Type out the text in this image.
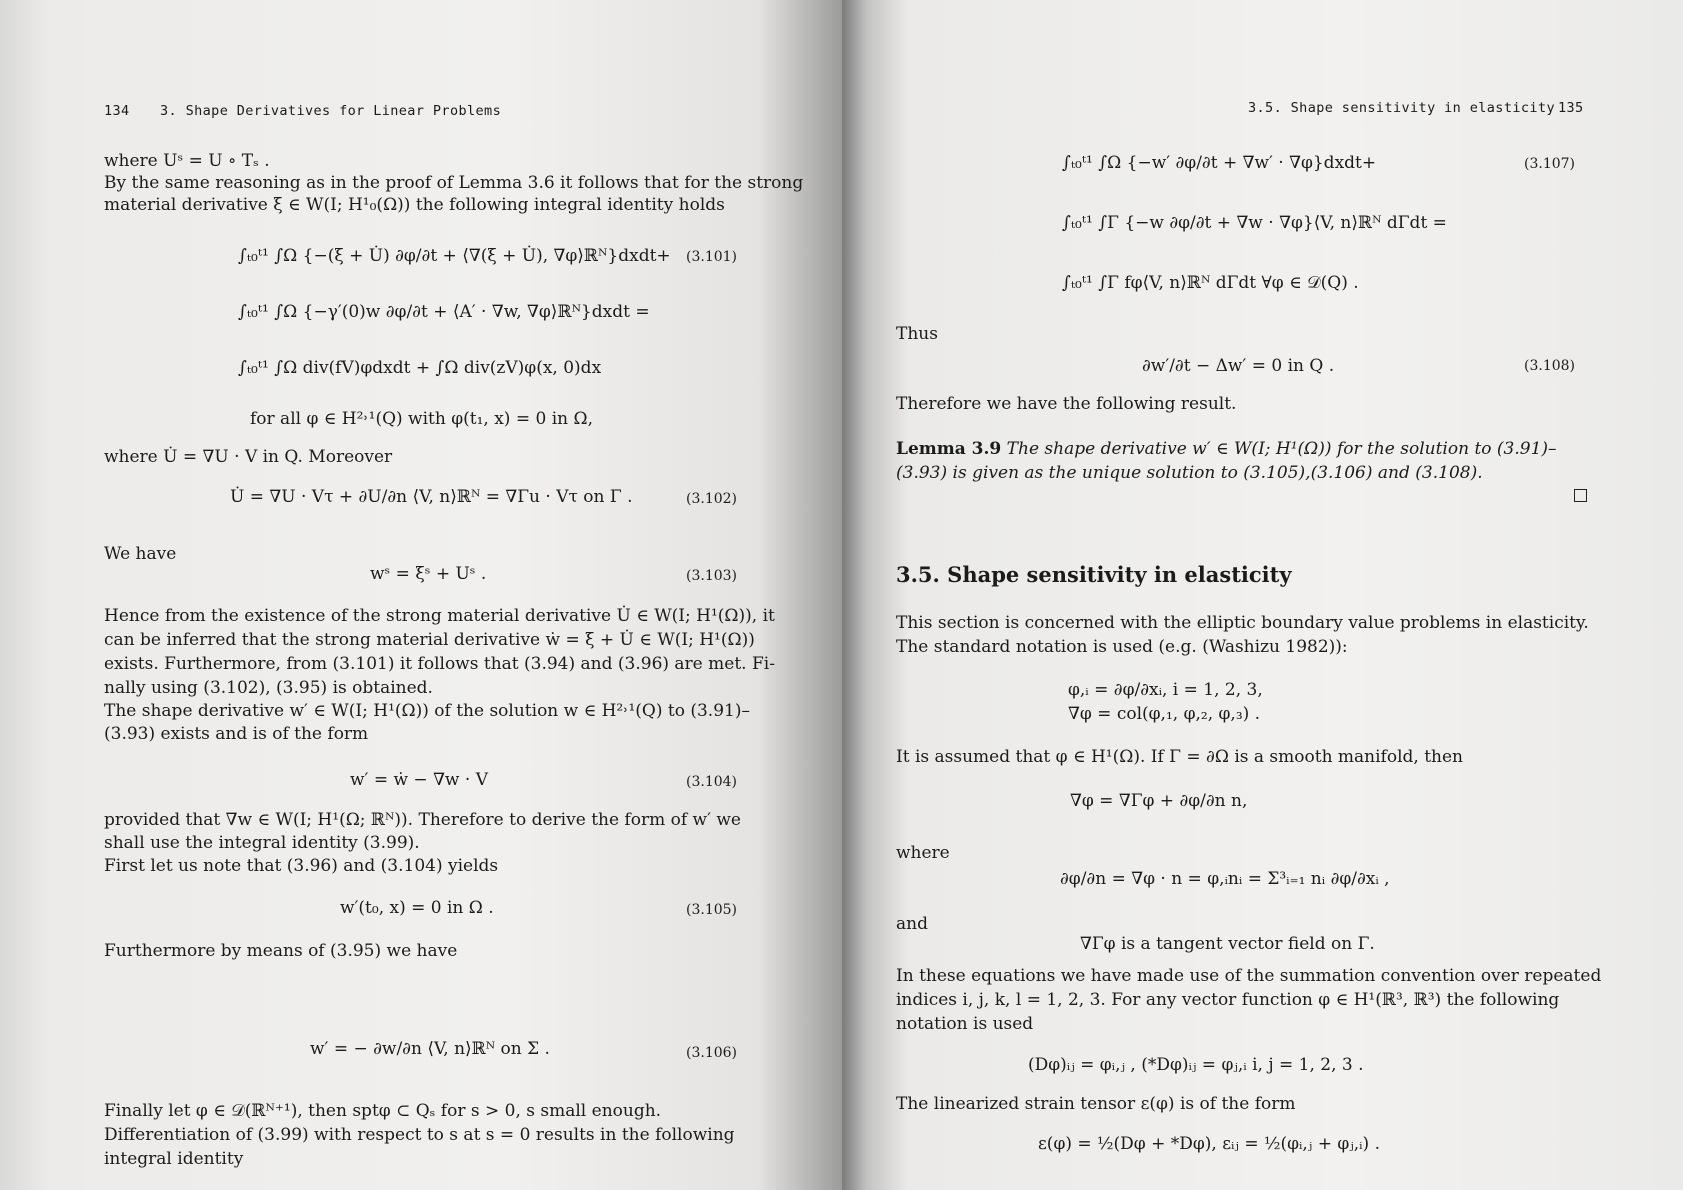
134 3. Shape Derivatives for Linear Problems
where Uˢ = U ∘ Tₛ .
By the same reasoning as in the proof of Lemma 3.6 it follows that for the strong
material derivative ξ ∈ W(I; H¹₀(Ω)) the following integral identity holds
∫ₜ₀ᵗ¹ ∫Ω {−(ξ + U̇) ∂φ/∂t + ⟨∇(ξ + U̇), ∇φ⟩ℝᴺ}dxdt+ (3.101)
∫ₜ₀ᵗ¹ ∫Ω {−γ′(0)w ∂φ/∂t + ⟨A′ · ∇w, ∇φ⟩ℝᴺ}dxdt =
∫ₜ₀ᵗ¹ ∫Ω div(fV)φdxdt + ∫Ω div(zV)φ(x, 0)dx
for all φ ∈ H²˒¹(Q) with φ(t₁, x) = 0 in Ω,
where U̇ = ∇U · V in Q. Moreover
U̇ = ∇U · Vτ + ∂U/∂n ⟨V, n⟩ℝᴺ = ∇Γu · Vτ on Γ .	(3.102)
We have
wˢ = ξˢ + Uˢ .	(3.103)
Hence from the existence of the strong material derivative U̇ ∈ W(I; H¹(Ω)), it
can be inferred that the strong material derivative ẇ = ξ + U̇ ∈ W(I; H¹(Ω))
exists. Furthermore, from (3.101) it follows that (3.94) and (3.96) are met. Fi-
nally using (3.102), (3.95) is obtained.
The shape derivative w′ ∈ W(I; H¹(Ω)) of the solution w ∈ H²˒¹(Q) to (3.91)–
(3.93) exists and is of the form
w′ = ẇ − ∇w · V	(3.104)
provided that ∇w ∈ W(I; H¹(Ω; ℝᴺ)). Therefore to derive the form of w′ we
shall use the integral identity (3.99).
First let us note that (3.96) and (3.104) yields
w′(t₀, x) = 0 in Ω .	(3.105)
Furthermore by means of (3.95) we have
w′ = − ∂w/∂n ⟨V, n⟩ℝᴺ on Σ .	(3.106)
Finally let φ ∈ 𝒟(ℝᴺ⁺¹), then sptφ ⊂ Qₛ for s > 0, s small enough.
Differentiation of (3.99) with respect to s at s = 0 results in the following
integral identity
3.5. Shape sensitivity in elasticity 135
∫ₜ₀ᵗ¹ ∫Ω {−w′ ∂φ/∂t + ∇w′ · ∇φ}dxdt+	(3.107)
∫ₜ₀ᵗ¹ ∫Γ {−w ∂φ/∂t + ∇w · ∇φ}⟨V, n⟩ℝᴺ dΓdt =
∫ₜ₀ᵗ¹ ∫Γ fφ⟨V, n⟩ℝᴺ dΓdt ∀φ ∈ 𝒟(Q) .
Thus
∂w′/∂t − Δw′ = 0 in Q .	(3.108)
Therefore we have the following result.
Lemma 3.9 The shape derivative w′ ∈ W(I; H¹(Ω)) for the solution to (3.91)–
(3.93) is given as the unique solution to (3.105),(3.106) and (3.108).
3.5. Shape sensitivity in elasticity
This section is concerned with the elliptic boundary value problems in elasticity.
The standard notation is used (e.g. (Washizu 1982)):
φ,ᵢ = ∂φ/∂xᵢ, i = 1, 2, 3,
∇φ = col(φ,₁, φ,₂, φ,₃) .
It is assumed that φ ∈ H¹(Ω). If Γ = ∂Ω is a smooth manifold, then
∇φ = ∇Γφ + ∂φ/∂n n,
where
∂φ/∂n = ∇φ · n = φ,ᵢnᵢ = Σ³ᵢ₌₁ nᵢ ∂φ/∂xᵢ ,
and
∇Γφ is a tangent vector field on Γ.
In these equations we have made use of the summation convention over repeated
indices i, j, k, l = 1, 2, 3. For any vector function φ ∈ H¹(ℝ³, ℝ³) the following
notation is used
(Dφ)ᵢⱼ = φᵢ,ⱼ , (*Dφ)ᵢⱼ = φⱼ,ᵢ i, j = 1, 2, 3 .
The linearized strain tensor ε(φ) is of the form
ε(φ) = ½(Dφ + *Dφ), εᵢⱼ = ½(φᵢ,ⱼ + φⱼ,ᵢ) .
